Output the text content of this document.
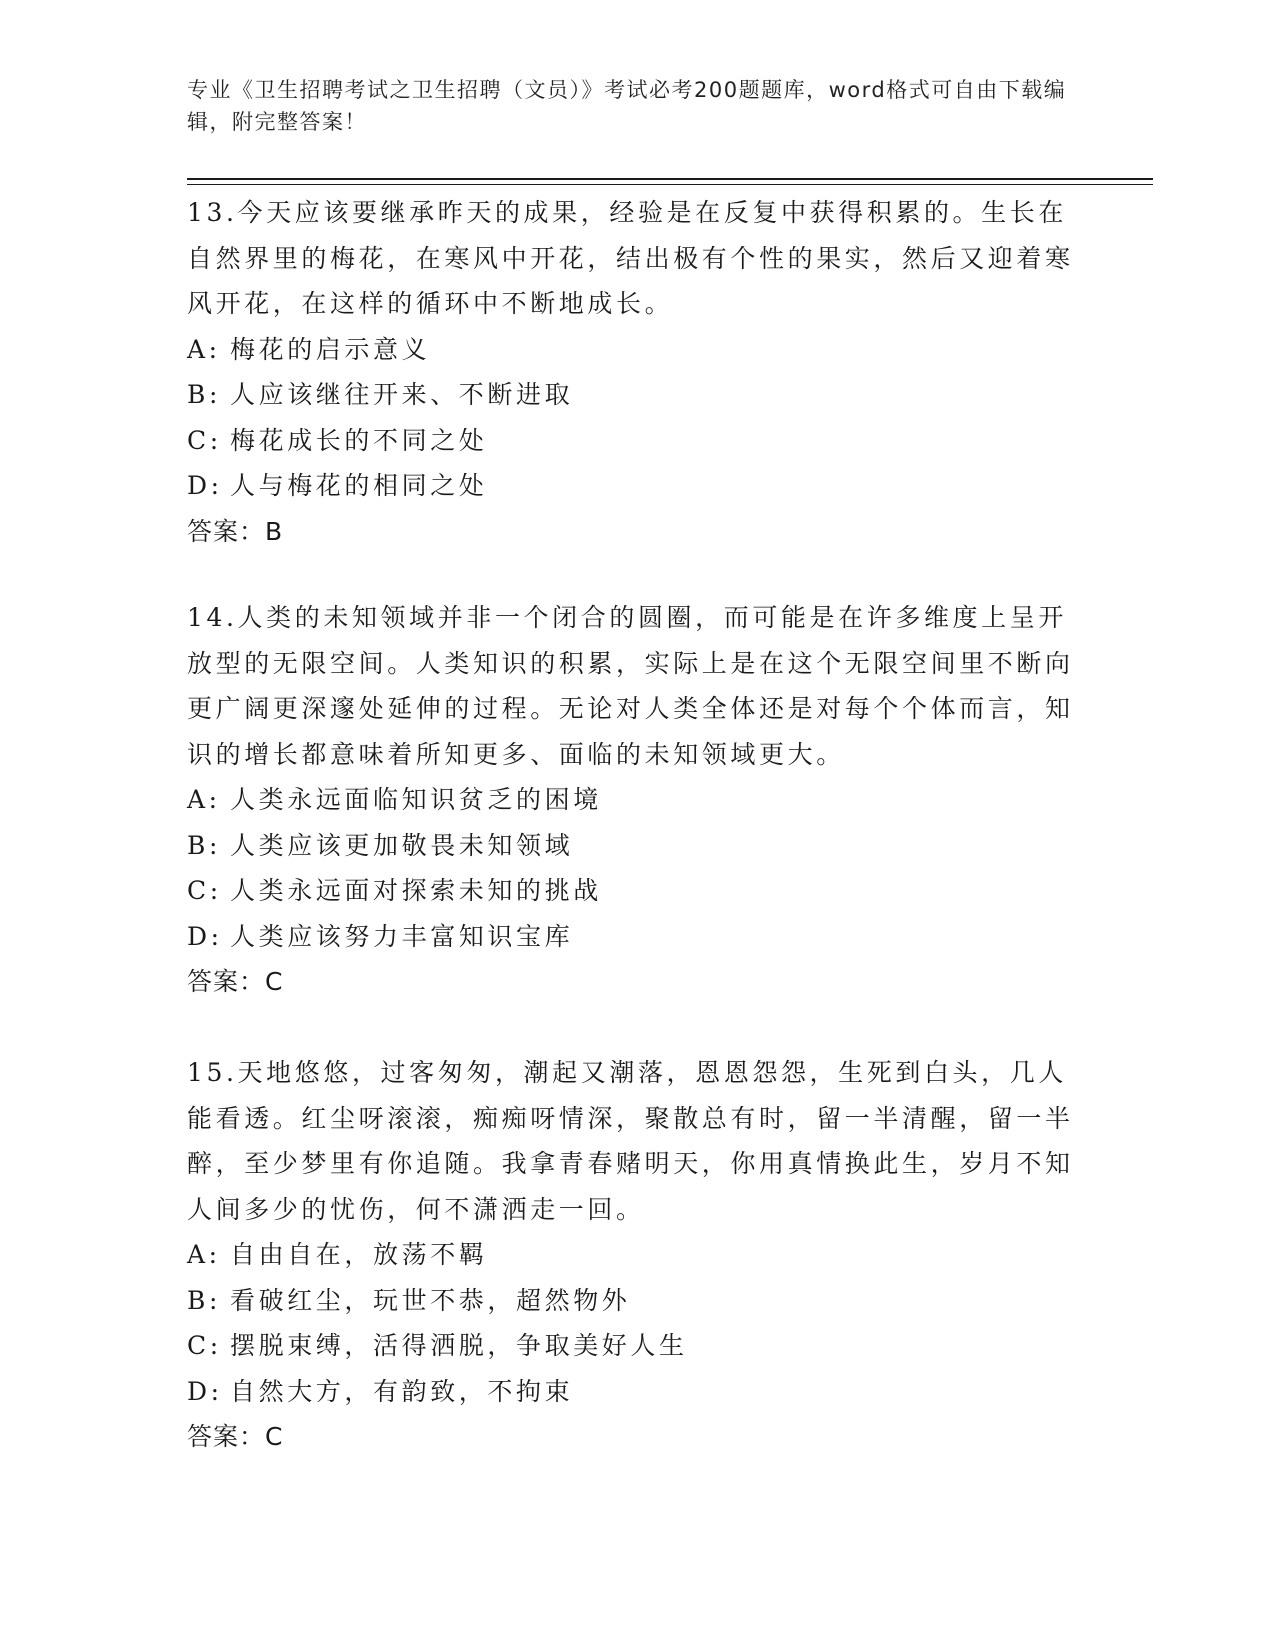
专业《卫生招聘考试之卫生招聘（文员）》考试必考200题题库，word格式可自由下载编辑，附完整答案！

13.今天应该要继承昨天的成果，经验是在反复中获得积累的。生长在自然界里的梅花，在寒风中开花，结出极有个性的果实，然后又迎着寒风开花，在这样的循环中不断地成长。

A: 梅花的启示意义

B: 人应该继往开来、不断进取

C: 梅花成长的不同之处

D: 人与梅花的相同之处

答案：B

14.人类的未知领域并非一个闭合的圆圈，而可能是在许多维度上呈开放型的无限空间。人类知识的积累，实际上是在这个无限空间里不断向更广阔更深邃处延伸的过程。无论对人类全体还是对每个个体而言，知识的增长都意味着所知更多、面临的未知领域更大。

A: 人类永远面临知识贫乏的困境

B: 人类应该更加敬畏未知领域

C: 人类永远面对探索未知的挑战

D: 人类应该努力丰富知识宝库

答案：C

15.天地悠悠，过客匆匆，潮起又潮落，恩恩怨怨，生死到白头，几人能看透。红尘呀滚滚，痴痴呀情深，聚散总有时，留一半清醒，留一半醉，至少梦里有你追随。我拿青春赌明天，你用真情换此生，岁月不知人间多少的忧伤，何不潇洒走一回。

A: 自由自在，放荡不羁

B: 看破红尘，玩世不恭，超然物外

C: 摆脱束缚，活得洒脱，争取美好人生

D: 自然大方，有韵致，不拘束

答案：C
